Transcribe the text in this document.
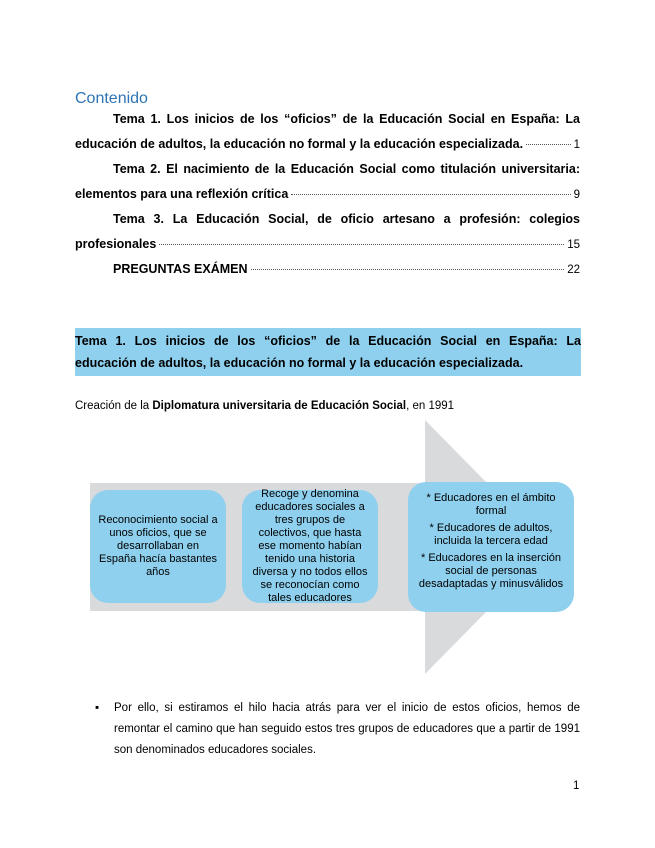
Contenido
Tema 1. Los inicios de los “oficios” de la Educación Social en España: La
educación de adultos, la educación no formal y la educación especializada.	1
Tema 2. El nacimiento de la Educación Social como titulación universitaria:
elementos para una reflexión crítica	9
Tema 3. La Educación Social, de oficio artesano a profesión: colegios
profesionales	15
PREGUNTAS EXÁMEN	22
Tema 1. Los inicios de los “oficios” de la Educación Social en España: La
educación de adultos, la educación no formal y la educación especializada.
Creación de la Diplomatura universitaria de Educación Social, en 1991
Reconocimiento social a unos oficios, que se desarrollaban en España hacía bastantes años
Recoge y denomina educadores sociales a tres grupos de colectivos, que hasta ese momento habían tenido una historia diversa y no todos ellos se reconocían como tales educadores
* Educadores en el ámbito formal
* Educadores de adultos, incluida la tercera edad
* Educadores en la inserción social de personas desadaptadas y minusválidos
▪	Por ello, si estiramos el hilo hacia atrás para ver el inicio de estos oficios, hemos de remontar el camino que han seguido estos tres grupos de educadores que a partir de 1991 son denominados educadores sociales.
1
